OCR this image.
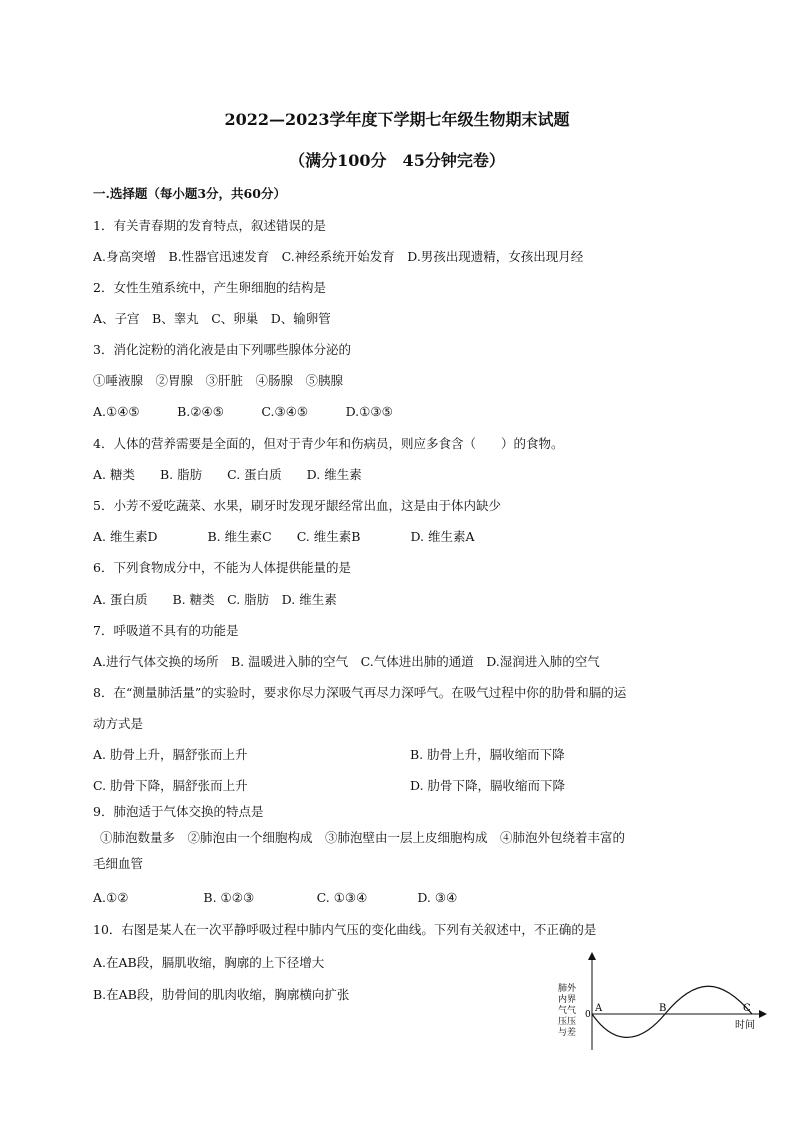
2022—2023学年度下学期七年级生物期末试题
（满分100分　45分钟完卷）
一.选择题（每小题3分，共60分）
1．有关青春期的发育特点，叙述错误的是
A.身高突增　B.性器官迅速发育　C.神经系统开始发育　D.男孩出现遗精，女孩出现月经
2．女性生殖系统中，产生卵细胞的结构是
A、子宫　B、睾丸　C、卵巢　D、输卵管
3．消化淀粉的消化液是由下列哪些腺体分泌的
①唾液腺　②胃腺　③肝脏　④肠腺　⑤胰腺
A.①④⑤　　　B.②④⑤　　　C.③④⑤　　　D.①③⑤
4．人体的营养需要是全面的，但对于青少年和伤病员，则应多食含（　　）的食物。
A. 糖类　　B. 脂肪　　C. 蛋白质　　D. 维生素
5．小芳不爱吃蔬菜、水果，刷牙时发现牙龈经常出血，这是由于体内缺少
A. 维生素D　　　　B. 维生素C　　C. 维生素B　　　　D. 维生素A
6．下列食物成分中，不能为人体提供能量的是
A. 蛋白质　　B. 糖类　C. 脂肪　D. 维生素
7．呼吸道不具有的功能是
A.进行气体交换的场所　B. 温暖进入肺的空气　C.气体进出肺的通道　D.湿润进入肺的空气
8．在“测量肺活量”的实验时，要求你尽力深吸气再尽力深呼气。在吸气过程中你的肋骨和膈的运
动方式是
A. 肋骨上升，膈舒张而上升	B. 肋骨上升，膈收缩而下降
C. 肋骨下降，膈舒张而上升	D. 肋骨下降，膈收缩而下降
9．肺泡适于气体交换的特点是
①肺泡数量多　②肺泡由一个细胞构成　③肺泡壁由一层上皮细胞构成　④肺泡外包绕着丰富的
毛细血管
A.①②　　　　　　B. ①②③　　　　　C. ①③④　　　　D. ③④
10．右图是某人在一次平静呼吸过程中肺内气压的变化曲线。下列有关叙述中，不正确的是
A.在AB段，膈肌收缩，胸廓的上下径增大
B.在AB段，肋骨间的肌肉收缩，胸廓横向扩张	肺外
内界
气气
压压
与差
0
A	B	C
时间
